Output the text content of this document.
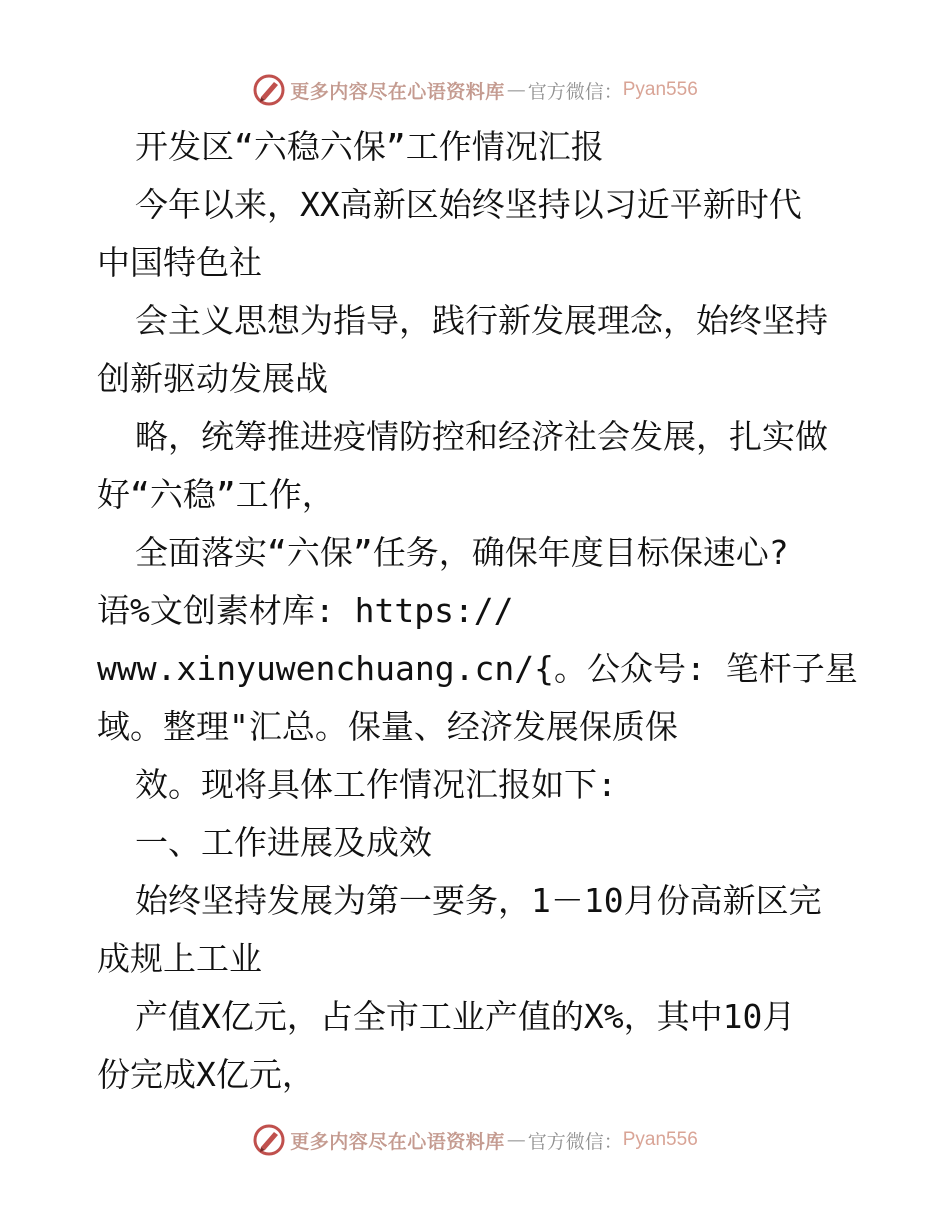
更多内容尽在心语资料库 — 官方微信： Pyan556

开发区“六稳六保”工作情况汇报

今年以来，XX高新区始终坚持以习近平新时代

中国特色社

会主义思想为指导，践行新发展理念，始终坚持

创新驱动发展战

略，统筹推进疫情防控和经济社会发展，扎实做

好“六稳”工作，

全面落实“六保”任务，确保年度目标保速心?

语%文创素材库: https://

www.xinyuwenchuang.cn/{。公众号: 笔杆子星

域。整理"汇总。保量、经济发展保质保

效。现将具体工作情况汇报如下:

一、工作进展及成效

始终坚持发展为第一要务，1－10月份高新区完

成规上工业

产值X亿元，占全市工业产值的X%，其中10月

份完成X亿元，

更多内容尽在心语资料库 — 官方微信： Pyan556
